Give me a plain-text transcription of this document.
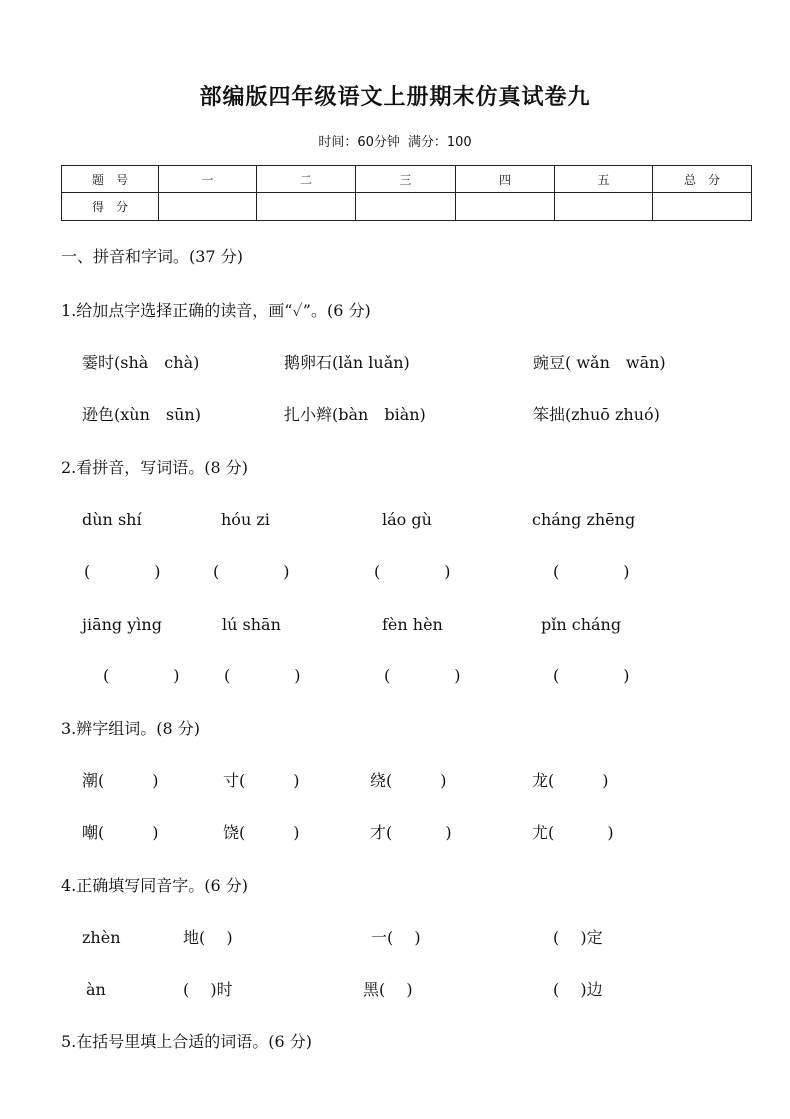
部编版四年级语文上册期末仿真试卷九
时间：60分钟 满分：100
题　号	一	二	三	四	五	总　分
得　分						
一、拼音和字词。(37 分)
1.给加点字选择正确的读音，画“✓”。(6 分)
霎时(shà　chà)	鹅卵石(lǎn luǎn)	豌豆( wǎn　wān)
逊色(xùn　sūn)	扎小辫(bàn　biàn)	笨拙(zhuō zhuó)
2.看拼音，写词语。(8 分)
dùn shí	hóu zi	láo gù	cháng zhēng
(　　　　)	(　　　　)	(　　　　)	(　　　　)
jiāng yìng	lú shān	fèn hèn	pǐn cháng
(　　　　)	(　　　　)	(　　　　)	(　　　　)
3.辨字组词。(8 分)
潮(　　　)	寸(　　　)	绕(　　　)	龙(　　　)
嘲(　　　)	饶(　　　)	才(　　　 )	尤(　　　 )
4.正确填写同音字。(6 分)
zhèn	地(　 )	一(　 )	(　 )定
àn	(　 )时	黑(　 )	(　 )边
5.在括号里填上合适的词语。(6 分)
